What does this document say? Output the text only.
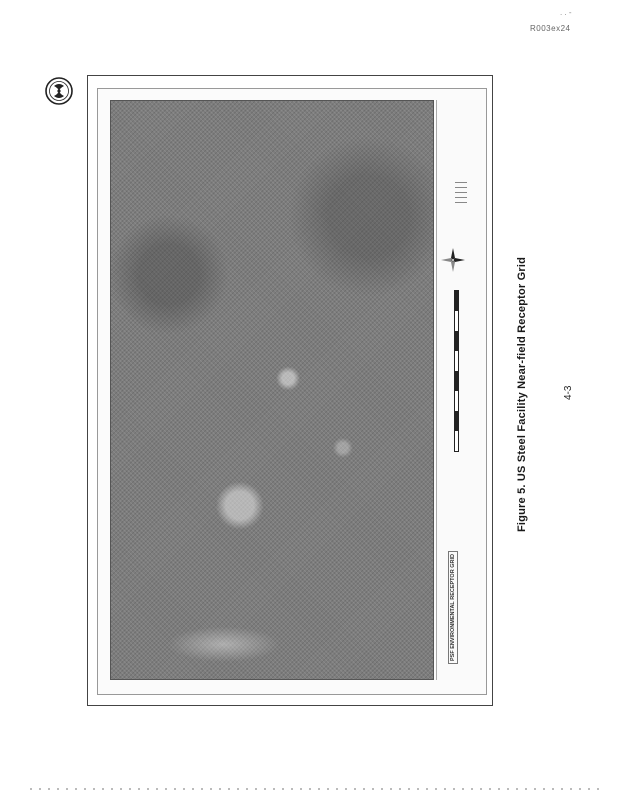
. . -
R003ex24
PSF ENVIRONMENTAL RECEPTOR GRID
Figure 5. US Steel Facility Near-field Receptor Grid	4-3
